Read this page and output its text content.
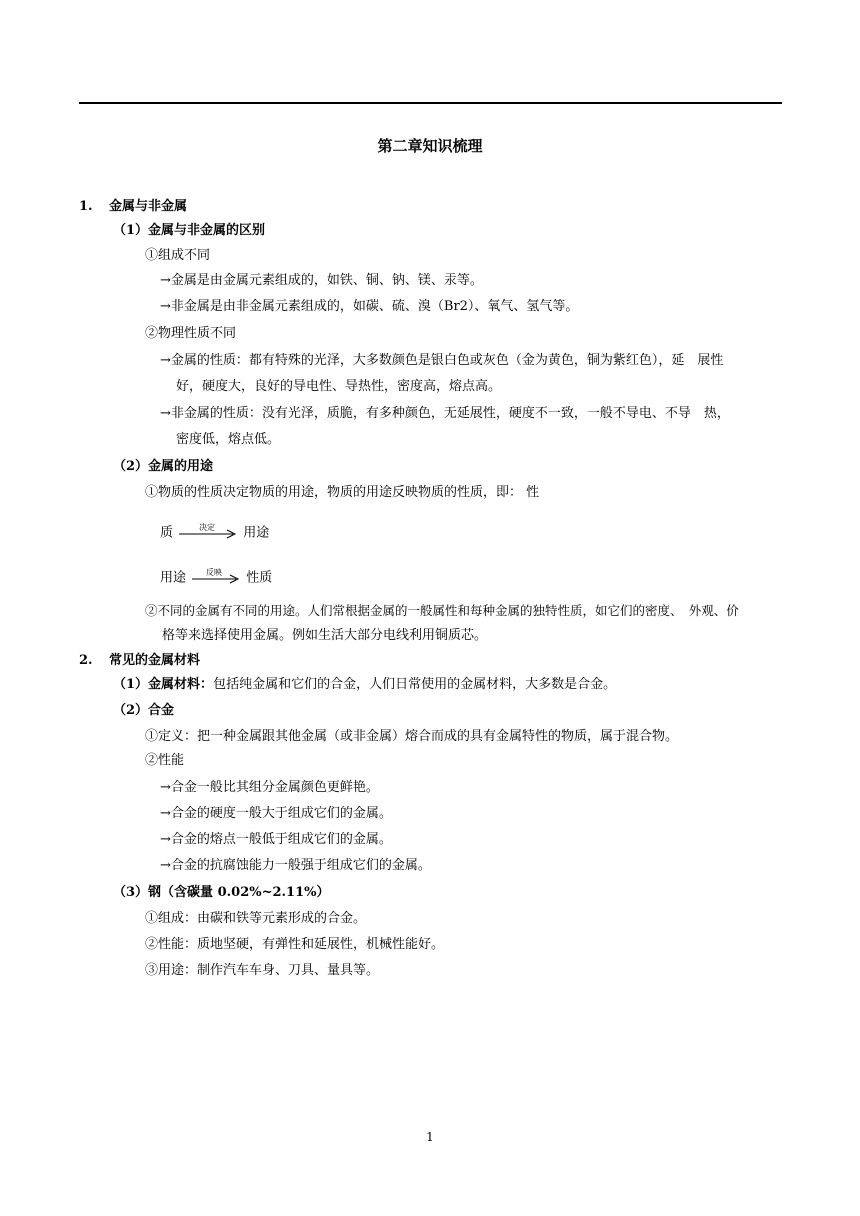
第二章知识梳理
1. 金属与非金属
（1）金属与非金属的区别
①组成不同
→金属是由金属元素组成的，如铁、铜、钠、镁、汞等。
→非金属是由非金属元素组成的，如碳、硫、溴（Br2）、氧气、氢气等。
②物理性质不同
→金属的性质：都有特殊的光泽，大多数颜色是银白色或灰色（金为黄色，铜为紫红色），延　展性
好，硬度大，良好的导电性、导热性，密度高，熔点高。
→非金属的性质：没有光泽，质脆，有多种颜色，无延展性，硬度不一致，一般不导电、不导　热，
密度低，熔点低。
（2）金属的用途
①物质的性质决定物质的用途，物质的用途反映物质的性质，即： 性
质	决定 用途
用途	反映 性质
②不同的金属有不同的用途。人们常根据金属的一般属性和每种金属的独特性质，如它们的密度、　外观、价
格等来选择使用金属。例如生活大部分电线利用铜质芯。
2. 常见的金属材料
（1）金属材料：包括纯金属和它们的合金，人们日常使用的金属材料，大多数是合金。
（2）合金
①定义：把一种金属跟其他金属（或非金属）熔合而成的具有金属特性的物质，属于混合物。
②性能
→合金一般比其组分金属颜色更鲜艳。
→合金的硬度一般大于组成它们的金属。
→合金的熔点一般低于组成它们的金属。
→合金的抗腐蚀能力一般强于组成它们的金属。
（3）钢（含碳量 0.02%~2.11%）
①组成：由碳和铁等元素形成的合金。
②性能：质地坚硬，有弹性和延展性，机械性能好。
③用途：制作汽车车身、刀具、量具等。
1
